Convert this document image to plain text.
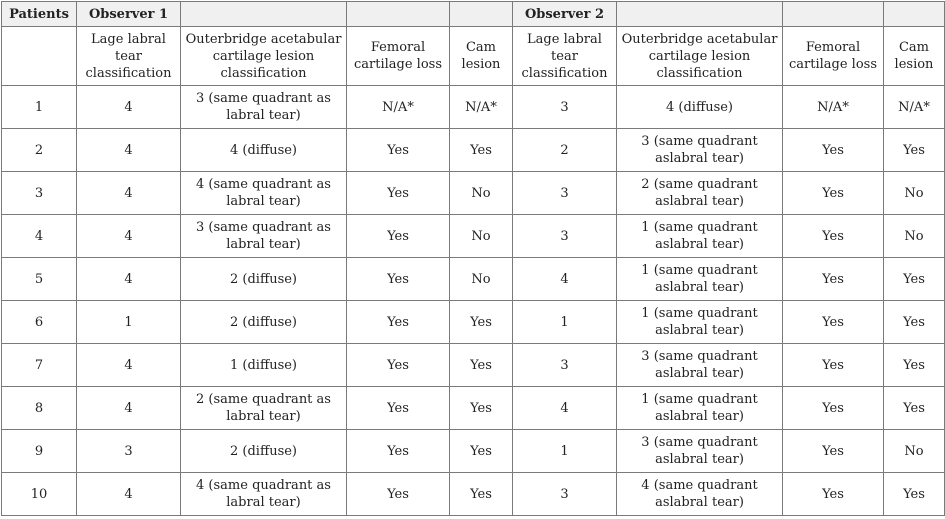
Patients	Observer 1				Observer 2			
	Lage labral tear classification	Outerbridge acetabular cartilage lesion classification	Femoral cartilage loss	Cam lesion	Lage labral tear classification	Outerbridge acetabular cartilage lesion classification	Femoral cartilage loss	Cam lesion
1	4	3 (same quadrant as labral tear)	N/A*	N/A*	3	4 (diffuse)	N/A*	N/A*
2	4	4 (diffuse)	Yes	Yes	2	3 (same quadrant aslabral tear)	Yes	Yes
3	4	4 (same quadrant as labral tear)	Yes	No	3	2 (same quadrant aslabral tear)	Yes	No
4	4	3 (same quadrant as labral tear)	Yes	No	3	1 (same quadrant aslabral tear)	Yes	No
5	4	2 (diffuse)	Yes	No	4	1 (same quadrant aslabral tear)	Yes	Yes
6	1	2 (diffuse)	Yes	Yes	1	1 (same quadrant aslabral tear)	Yes	Yes
7	4	1 (diffuse)	Yes	Yes	3	3 (same quadrant aslabral tear)	Yes	Yes
8	4	2 (same quadrant as labral tear)	Yes	Yes	4	1 (same quadrant aslabral tear)	Yes	Yes
9	3	2 (diffuse)	Yes	Yes	1	3 (same quadrant aslabral tear)	Yes	No
10	4	4 (same quadrant as labral tear)	Yes	Yes	3	4 (same quadrant aslabral tear)	Yes	Yes
